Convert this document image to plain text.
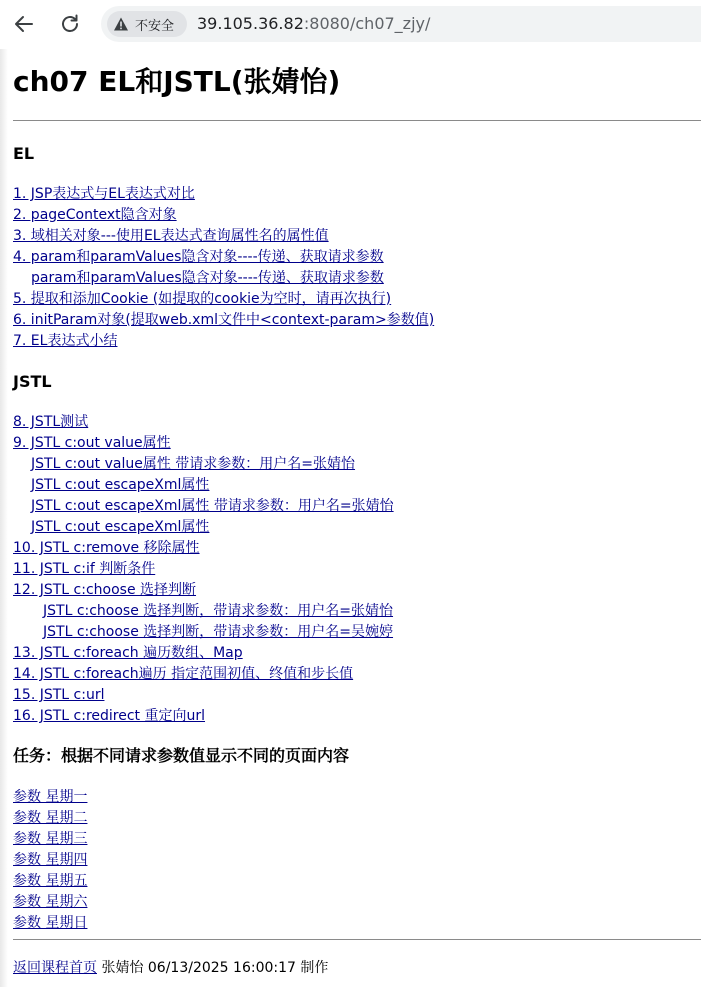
不安全 39.105.36.82:8080/ch07_zjy/
ch07 EL和JSTL(张婧怡)
EL
1. JSP表达式与EL表达式对比
2. pageContext隐含对象
3. 域相关对象---使用EL表达式查询属性名的属性值
4. param和paramValues隐含对象----传递、获取请求参数
param和paramValues隐含对象----传递、获取请求参数
5. 提取和添加Cookie (如提取的cookie为空时，请再次执行)
6. initParam对象(提取web.xml文件中<context-param>参数值)
7. EL表达式小结
JSTL
8. JSTL测试
9. JSTL c:out value属性
JSTL c:out value属性 带请求参数：用户名=张婧怡
JSTL c:out escapeXml属性
JSTL c:out escapeXml属性 带请求参数：用户名=张婧怡
JSTL c:out escapeXml属性
10. JSTL c:remove 移除属性
11. JSTL c:if 判断条件
12. JSTL c:choose 选择判断
JSTL c:choose 选择判断，带请求参数：用户名=张婧怡
JSTL c:choose 选择判断，带请求参数：用户名=吴婉婷
13. JSTL c:foreach 遍历数组、Map
14. JSTL c:foreach遍历 指定范围初值、终值和步长值
15. JSTL c:url
16. JSTL c:redirect 重定向url
任务：根据不同请求参数值显示不同的页面内容
参数 星期一
参数 星期二
参数 星期三
参数 星期四
参数 星期五
参数 星期六
参数 星期日
返回课程首页 张婧怡 06/13/2025 16:00:17 制作
